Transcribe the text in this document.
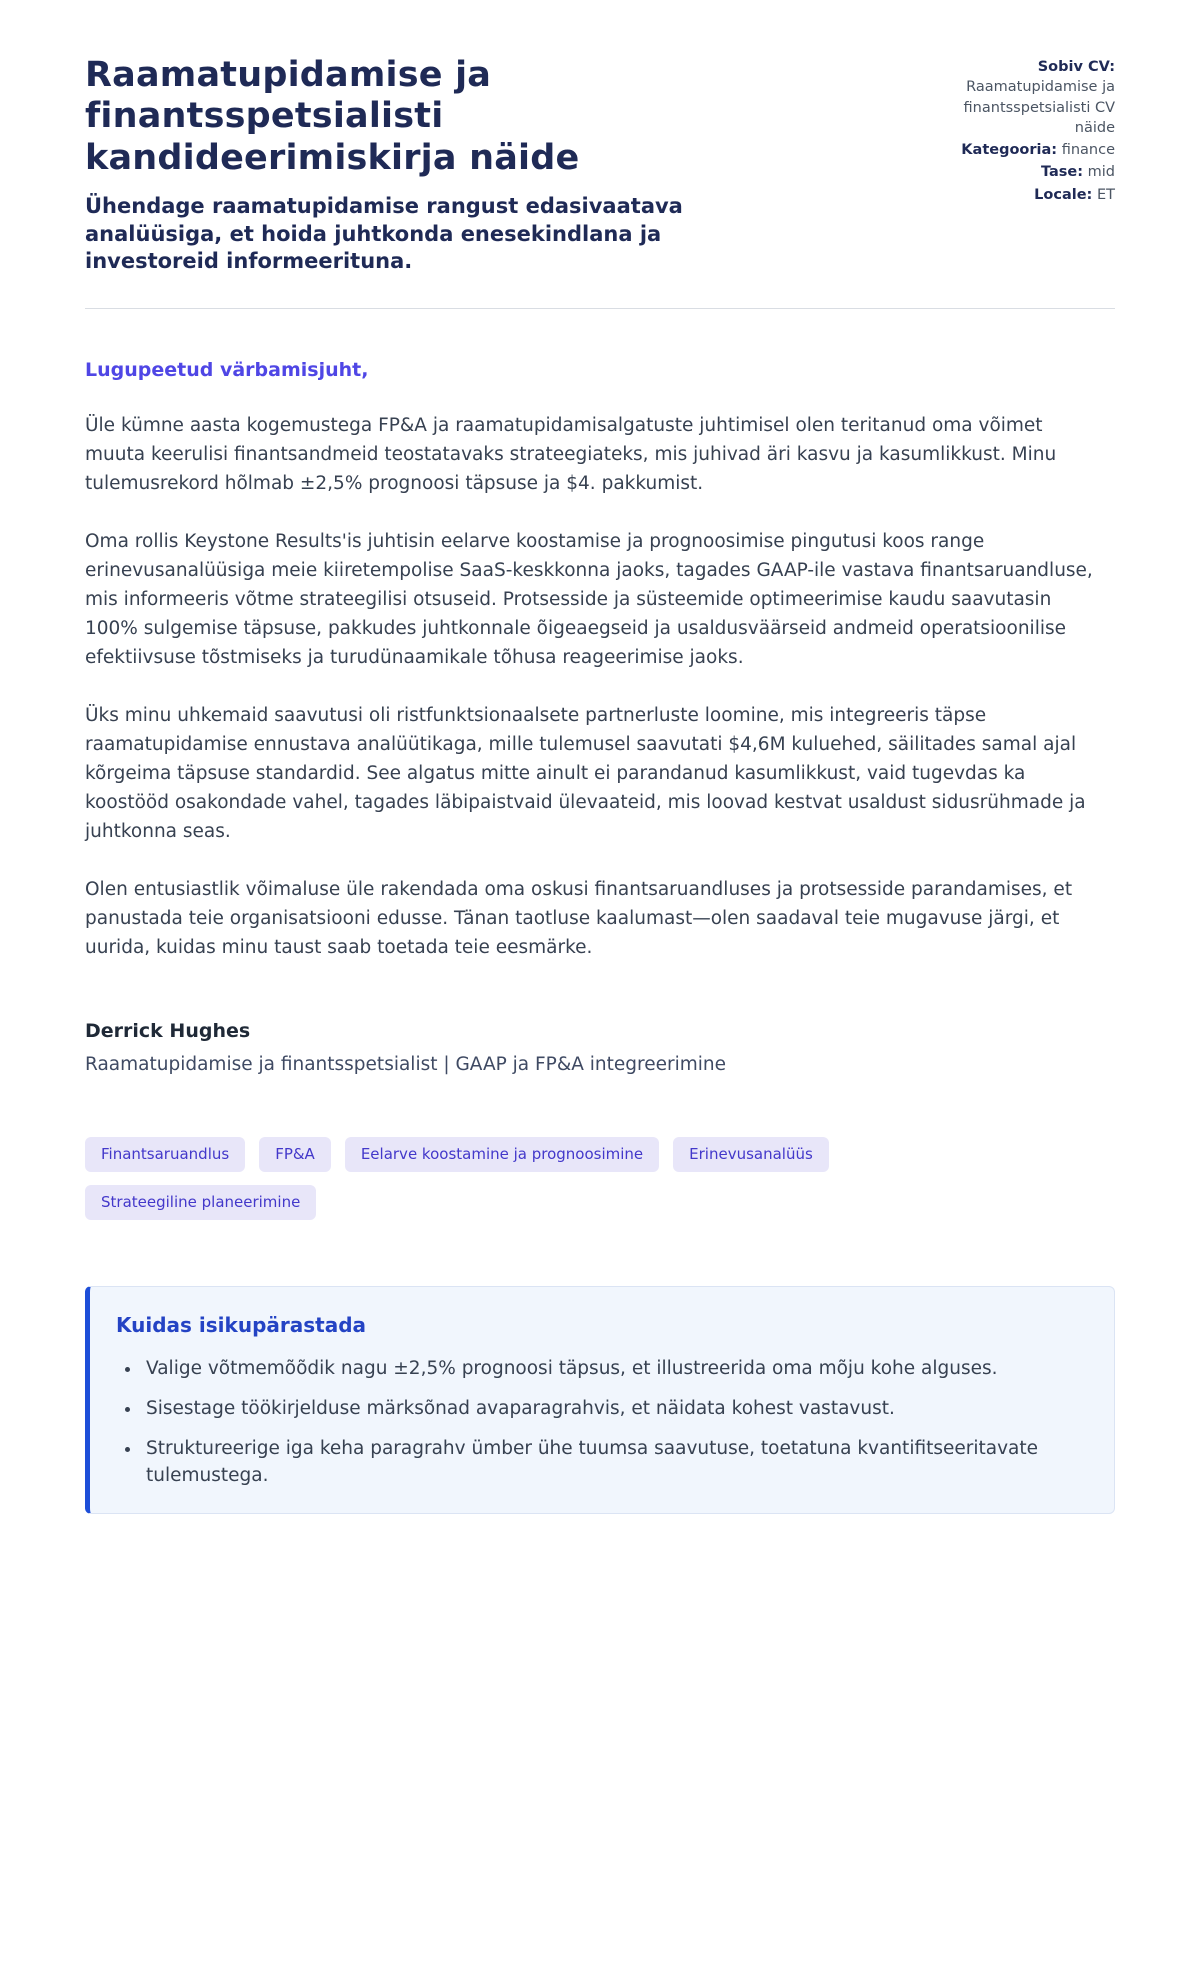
Raamatupidamise ja finantsspetsialisti kandideerimiskirja näide

Ühendage raamatupidamise rangust edasivaatava analüüsiga, et hoida juhtkonda enesekindlana ja investoreid informeerituna.

Sobiv CV: Raamatupidamise ja finantsspetsialisti CV näide
Kategooria: finance
Tase: mid
Locale: ET

Lugupeetud värbamisjuht,

Üle kümne aasta kogemustega FP&A ja raamatupidamisalgatuste juhtimisel olen teritanud oma võimet muuta keerulisi finantsandmeid teostatavaks strateegiateks, mis juhivad äri kasvu ja kasumlikkust. Minu tulemusrekord hõlmab ±2,5% prognoosi täpsuse ja $4. pakkumist.

Oma rollis Keystone Results'is juhtisin eelarve koostamise ja prognoosimise pingutusi koos range erinevusanalüüsiga meie kiiretempolise SaaS-keskkonna jaoks, tagades GAAP-ile vastava finantsaruandluse, mis informeeris võtme strateegilisi otsuseid. Protsesside ja süsteemide optimeerimise kaudu saavutasin 100% sulgemise täpsuse, pakkudes juhtkonnale õigeaegseid ja usaldusväärseid andmeid operatsioonilise efektiivsuse tõstmiseks ja turudünaamikale tõhusa reageerimise jaoks.

Üks minu uhkemaid saavutusi oli ristfunktsionaalsete partnerluste loomine, mis integreeris täpse raamatupidamise ennustava analüütikaga, mille tulemusel saavutati $4,6M kuluehed, säilitades samal ajal kõrgeima täpsuse standardid. See algatus mitte ainult ei parandanud kasumlikkust, vaid tugevdas ka koostööd osakondade vahel, tagades läbipaistvaid ülevaateid, mis loovad kestvat usaldust sidusrühmade ja juhtkonna seas.

Olen entusiastlik võimaluse üle rakendada oma oskusi finantsaruandluses ja protsesside parandamises, et panustada teie organisatsiooni edusse. Tänan taotluse kaalumast—olen saadaval teie mugavuse järgi, et uurida, kuidas minu taust saab toetada teie eesmärke.

Derrick Hughes
Raamatupidamise ja finantsspetsialist | GAAP ja FP&A integreerimine
Finantsaruandlus	FP&A	Eelarve koostamine ja prognoosimine	Erinevusanalüüs
Strateegiline planeerimine
Kuidas isikupärastada
• Valige võtmemõõdik nagu ±2,5% prognoosi täpsus, et illustreerida oma mõju kohe alguses.
• Sisestage töökirjelduse märksõnad avaparagrahvis, et näidata kohest vastavust.
• Struktureerige iga keha paragrahv ümber ühe tuumsa saavutuse, toetatuna kvantifitseeritavate tulemustega.
